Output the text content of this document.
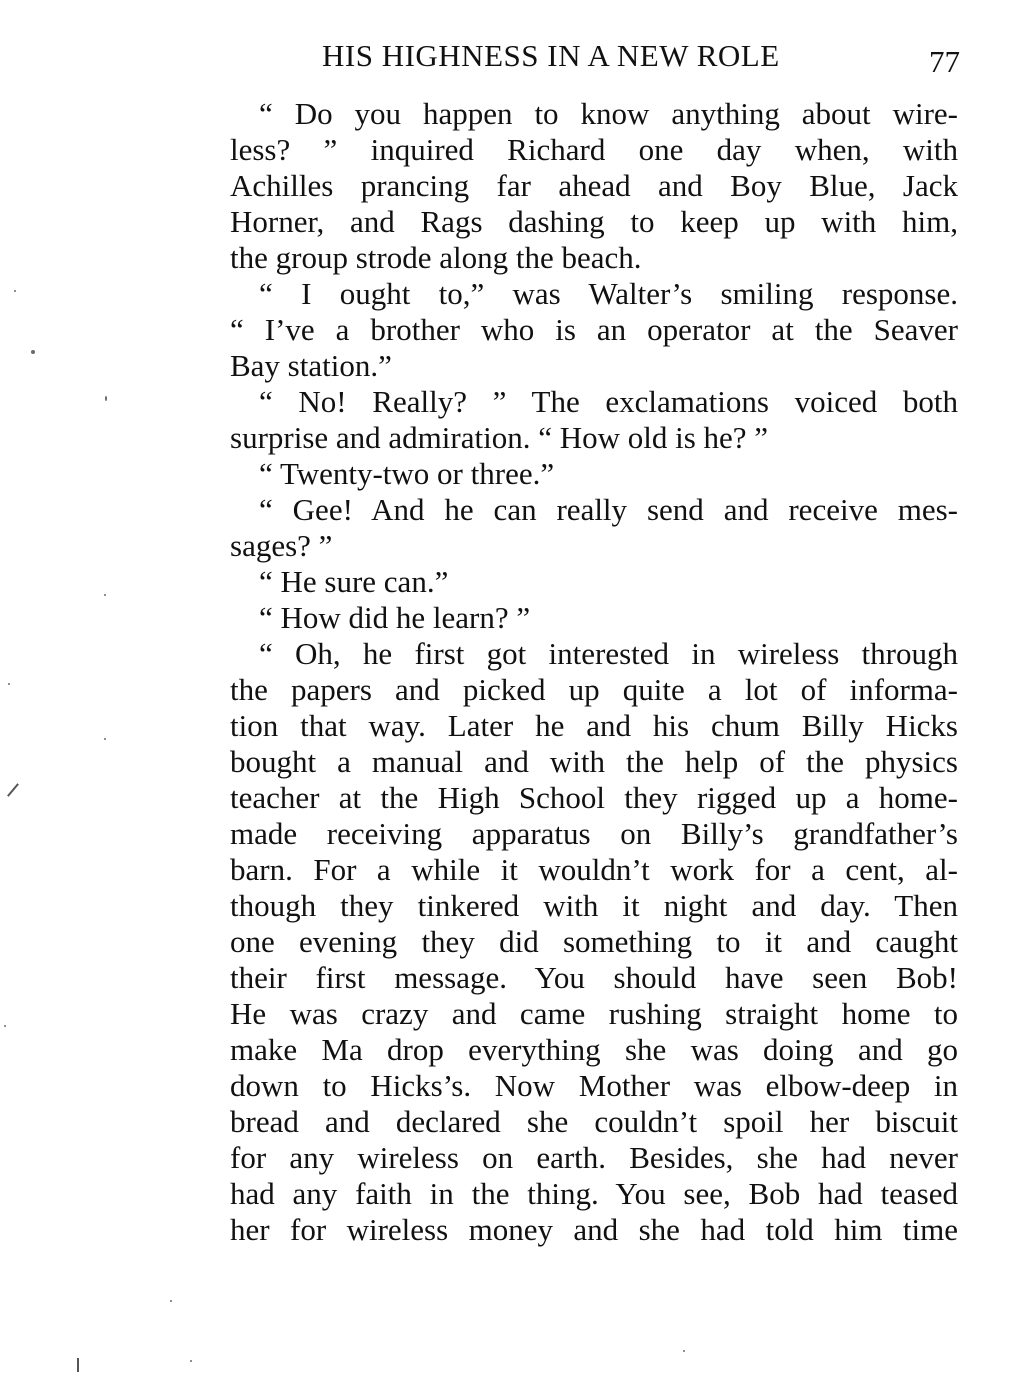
HIS HIGHNESS IN A NEW ROLE	77
“ Do you happen to know anything about wire-
less? ” inquired Richard one day when, with
Achilles prancing far ahead and Boy Blue, Jack
Horner, and Rags dashing to keep up with him,
the group strode along the beach.
“ I ought to,” was Walter’s smiling response.
“ I’ve a brother who is an operator at the Seaver
Bay station.”
“ No! Really? ” The exclamations voiced both
surprise and admiration. “ How old is he? ”
“ Twenty-two or three.”
“ Gee! And he can really send and receive mes-
sages? ”
“ He sure can.”
“ How did he learn? ”
“ Oh, he first got interested in wireless through
the papers and picked up quite a lot of informa-
tion that way. Later he and his chum Billy Hicks
bought a manual and with the help of the physics
teacher at the High School they rigged up a home-
made receiving apparatus on Billy’s grandfather’s
barn. For a while it wouldn’t work for a cent, al-
though they tinkered with it night and day. Then
one evening they did something to it and caught
their first message. You should have seen Bob!
He was crazy and came rushing straight home to
make Ma drop everything she was doing and go
down to Hicks’s. Now Mother was elbow-deep in
bread and declared she couldn’t spoil her biscuit
for any wireless on earth. Besides, she had never
had any faith in the thing. You see, Bob had teased
her for wireless money and she had told him time
